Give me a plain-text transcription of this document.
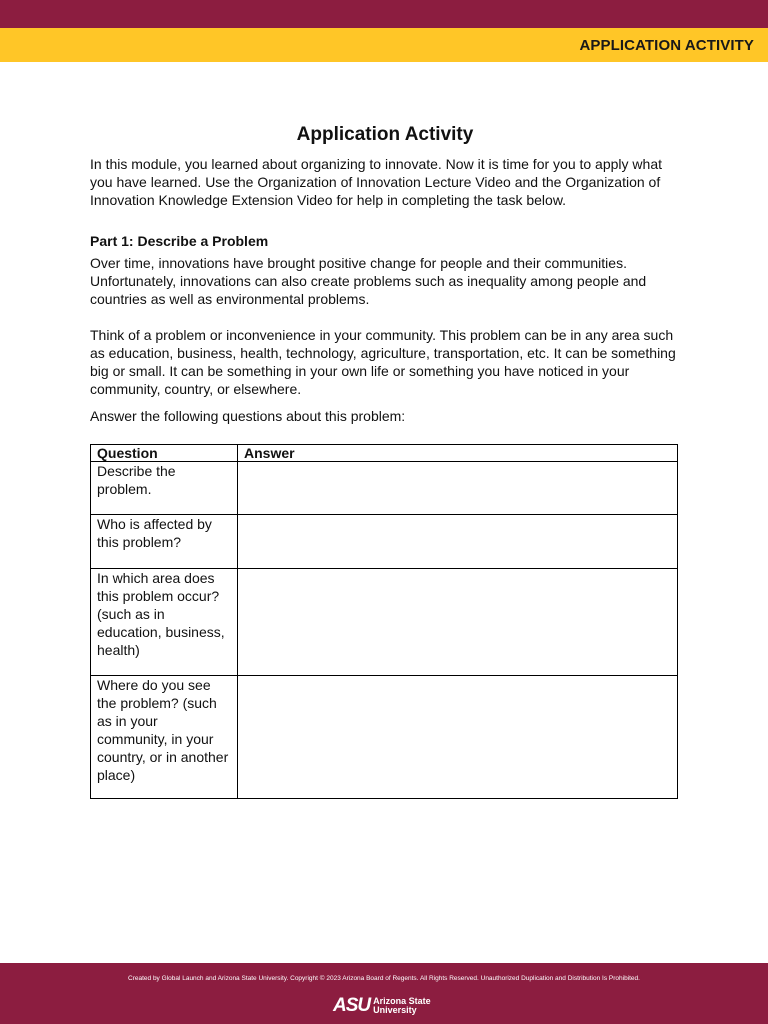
APPLICATION ACTIVITY
Application Activity

In this module, you learned about organizing to innovate. Now it is time for you to apply what you have learned. Use the Organization of Innovation Lecture Video and the Organization of Innovation Knowledge Extension Video for help in completing the task below.

Part 1: Describe a Problem

Over time, innovations have brought positive change for people and their communities. Unfortunately, innovations can also create problems such as inequality among people and countries as well as environmental problems.

Think of a problem or inconvenience in your community. This problem can be in any area such as education, business, health, technology, agriculture, transportation, etc. It can be something big or small. It can be something in your own life or something you have noticed in your community, country, or elsewhere.

Answer the following questions about this problem:

Question	Answer
Describe the problem.	
Who is affected by this problem?	
In which area does this problem occur? (such as in education, business, health)	
Where do you see the problem? (such as in your community, in your country, or in another place)	
Created by Global Launch and Arizona State University. Copyright © 2023 Arizona Board of Regents. All Rights Reserved. Unauthorized Duplication and Distribution Is Prohibited.
ASU Arizona State
University
